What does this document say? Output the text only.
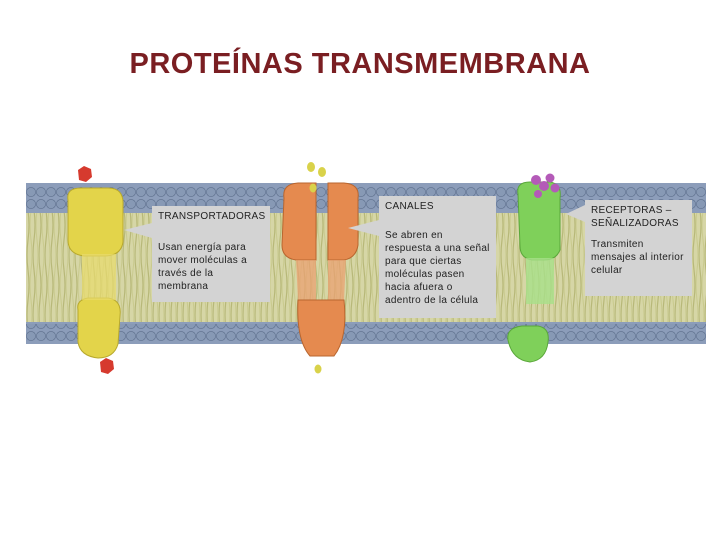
PROTEÍNAS TRANSMEMBRANA
TRANSPORTADORAS
Usan energía para mover moléculas a través de la membrana
CANALES
Se abren en respuesta a una señal para que ciertas moléculas pasen hacia afuera o adentro de la célula
RECEPTORAS – SEÑALIZADORAS
Transmiten mensajes al interior celular
